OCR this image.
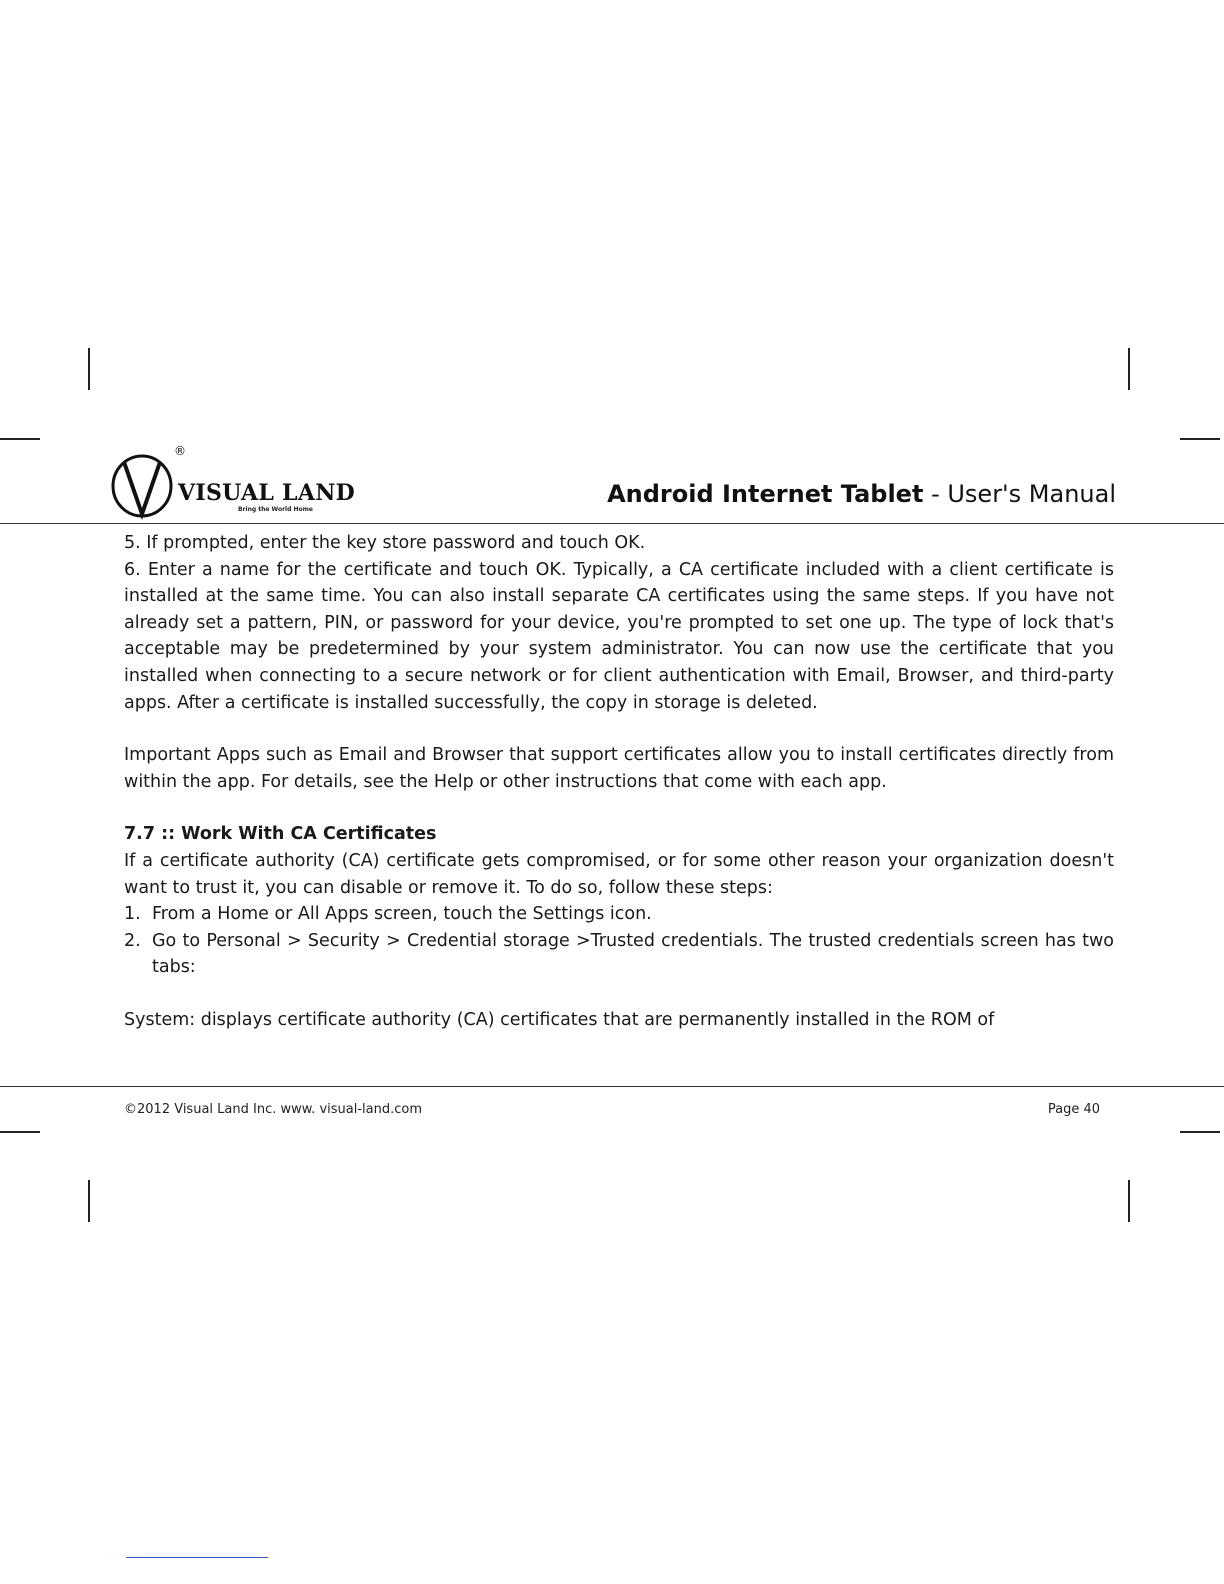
®
VISUAL LAND
Bring the World Home
Android Internet Tablet - User's Manual

5. If prompted, enter the key store password and touch OK.

6. Enter a name for the certificate and touch OK. Typically, a CA certificate included with a client certificate is installed at the same time. You can also install separate CA certificates using the same steps. If you have not already set a pattern, PIN, or password for your device, you're prompted to set one up. The type of lock that's acceptable may be predetermined by your system administrator. You can now use the certificate that you installed when connecting to a secure network or for client authentication with Email, Browser, and third-party apps. After a certificate is installed successfully, the copy in storage is deleted.

Important Apps such as Email and Browser that support certificates allow you to install certificates directly from within the app. For details, see the Help or other instructions that come with each app.

7.7 :: Work With CA Certificates

If a certificate authority (CA) certificate gets compromised, or for some other reason your organization doesn't want to trust it, you can disable or remove it. To do so, follow these steps:

1. From a Home or All Apps screen, touch the Settings icon.
2. Go to Personal > Security > Credential storage >Trusted credentials. The trusted credentials screen has two tabs:

System: displays certificate authority (CA) certificates that are permanently installed in the ROM of

©2012 Visual Land Inc. www. visual-land.com	Page 40
